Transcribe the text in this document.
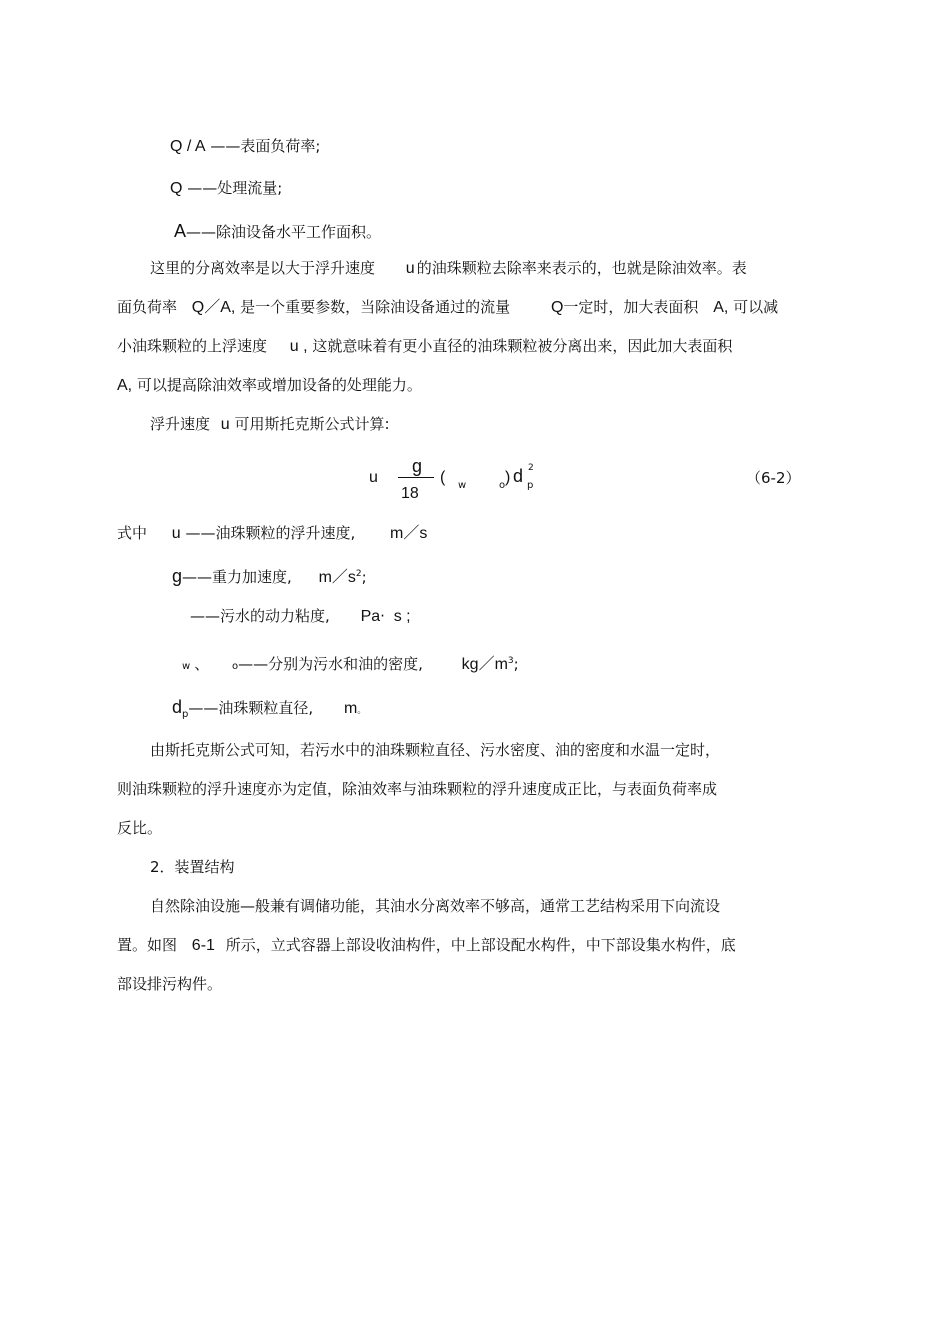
Q / A ——表面负荷率;
Q ——处理流量;
A——除油设备水平工作面积。
这里的分离效率是以大于浮升速度 u 的油珠颗粒去除率来表示的，也就是除油效率。表
面负荷率 Q／A, 是一个重要参数，当除油设备通过的流量	Q一定时，加大表面积 A, 可以减
小油珠颗粒的上浮速度 u , 这就意味着有更小直径的油珠颗粒被分离出来，因此加大表面积
A, 可以提高除油效率或增加设备的处理能力。
浮升速度 u 可用斯托克斯公式计算:
u
g
18
( w	o ) d 2
p	（6-2）
式中 u ——油珠颗粒的浮升速度, m／s
g——重力加速度, $m/s^2$;
——污水的动力粘度, Pa· s ;
w 、 o——分别为污水和油的密度, $kg/m^3$;
$d_p——$油珠颗粒直径, m。
由斯托克斯公式可知，若污水中的油珠颗粒直径、污水密度、油的密度和水温一定时，
则油珠颗粒的浮升速度亦为定值，除油效率与油珠颗粒的浮升速度成正比，与表面负荷率成
反比。
2．装置结构
自然除油设施—般兼有调储功能，其油水分离效率不够高，通常工艺结构采用下向流设
置。如图 6-1 所示，立式容器上部设收油构件，中上部设配水构件，中下部设集水构件，底
部设排污构件。
